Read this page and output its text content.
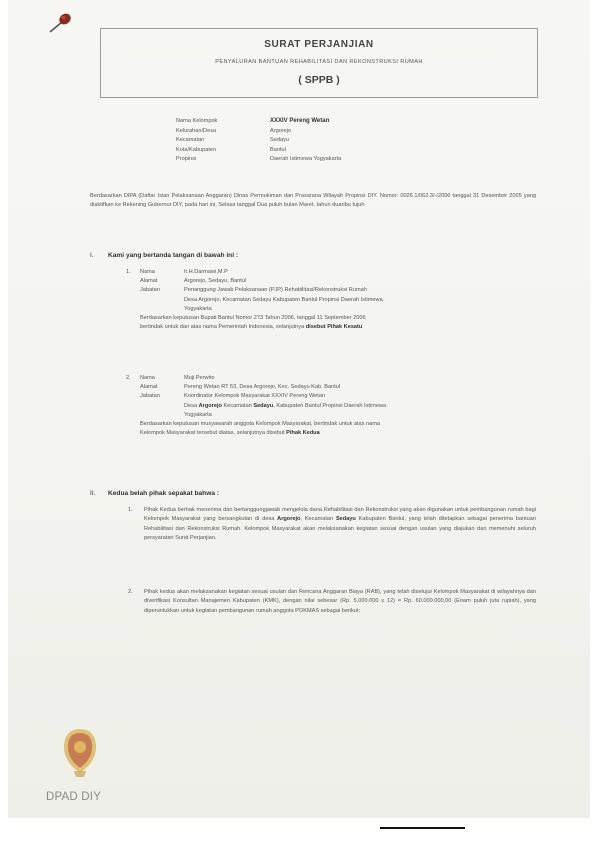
SURAT PERJANJIAN
PENYALURAN BANTUAN REHABILITASI DAN REKONSTRUKSI RUMAH
( SPPB )
Nama Kelompok	XXXIV Pereng Wetan
Kelurahan/Desa	Argorejo
Kecamatan	Sedayu
Kota/Kabupaten	Bantul
Propinsi	Daerah Istimewa Yogyakarta
Berdasarkan DIPA (Daftar Isian Pelaksanaan Anggaran) Dinas Permukiman dan Prasarana Wilayah Propinsi DIY. Nomor: 0026.1/062.3/-/2006 tanggal 31 Desember 2005 yang diaktifkan ke Rekening Gubernur DIY, pada hari ini, Selasa tanggal Dua puluh bulan Maret, tahun duaribu tujuh
I. Kami yang bertanda tangan di bawah ini :
1.	Nama	Ir.H.Darmawi,M.P
Alamat	Argorejo, Sedayu, Bantul
Jabatan	Penanggung Jawab Pelaksanaan (PJP) Rehabilitasi/Rekonstruksi Rumah
Desa Argorejo, Kecamatan Sedayu Kabupaten Bantul Propinsi Daerah Istimewa
Yogyakarta
Berdasarkan keputusan Bupati Bantul Nomor 273 Tahun 2006, tanggal 11 September 2006
bertindak untuk dan atas nama Pemerintah Indonesia, selanjutnya disebut Pihak Kesatu
2.	Nama	Muji Perwito
Alamat	Pereng Wetan RT 53, Desa Argorejo, Kec. Sedayu Kab. Bantul
Jabatan	Koordinator Kelompok Masyarakat XXXIV Pereng Wetan
Desa Argorejo Kecamatan Sedayu, Kabupaten Bantul Propinsi Daerah Istimewa
Yogyakarta
Berdasarkan keputusan musyawarah anggota Kelompok Masyarakat, bertindak untuk atas nama
Kelompok Masyarakat tersebut diatas, selanjutnya disebut Pihak Kedua
II. Kedua belah pihak sepakat bahwa :
1. Pihak Kedua berhak menerima dan bertanggungjawab mengelola dana Rehabilitasi dan Rekonstruksi yang akan digunakan untuk pembangunan rumah bagi Kelompok Masyarakat yang bersangkutan di desa Argorejo, Kecamatan Sedayu Kabupaten Bantul, yang telah ditetapkan sebagai penerima bantuan Rehabilitasi dan Rekonstruksi Rumah. Kelompok Masyarakat akan melaksanakan kegiatan sesuai dengan usulan yang diajukan dan memenuhi seluruh persyaratan Surat Perjanjian.
2. Pihak kedua akan melaksanakan kegiatan sesuai usulan dan Rencana Anggaran Biaya (RAB), yang telah disetujui Kelompok Masyarakat di wilayahnya dan diverifikasi Konsultan Manajemen Kabupaten (KMK), dengan nilai sebesar (Rp. 5.000.000 x 12) = Rp. 60.000.000,00 (Enam puluh juta rupiah), yang diperuntukkan untuk kegiatan pembangunan rumah anggota POKMAS sebagai berikut:
DPAD DIY
